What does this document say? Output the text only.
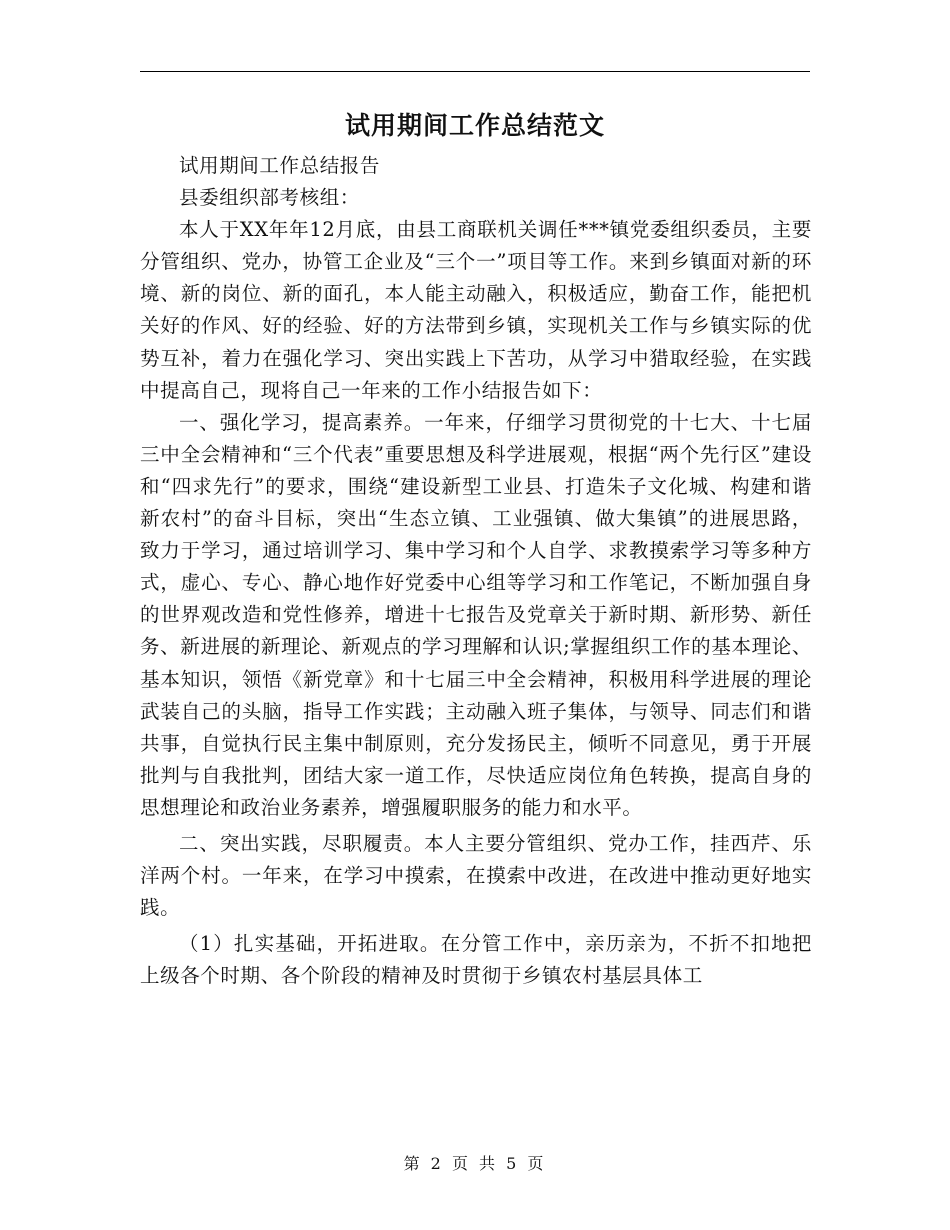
试用期间工作总结范文

试用期间工作总结报告

县委组织部考核组：

本人于XX年年12月底，由县工商联机关调任***镇党委组织委员，主要分管组织、党办，协管工企业及“三个一”项目等工作。来到乡镇面对新的环境、新的岗位、新的面孔，本人能主动融入，积极适应，勤奋工作，能把机关好的作风、好的经验、好的方法带到乡镇，实现机关工作与乡镇实际的优势互补，着力在强化学习、突出实践上下苦功，从学习中猎取经验，在实践中提高自己，现将自己一年来的工作小结报告如下：

一、强化学习，提高素养。一年来，仔细学习贯彻党的十七大、十七届三中全会精神和“三个代表”重要思想及科学进展观，根据“两个先行区”建设和“四求先行”的要求，围绕“建设新型工业县、打造朱子文化城、构建和谐新农村”的奋斗目标，突出“生态立镇、工业强镇、做大集镇”的进展思路，致力于学习，通过培训学习、集中学习和个人自学、求教摸索学习等多种方式，虚心、专心、静心地作好党委中心组等学习和工作笔记，不断加强自身的世界观改造和党性修养，增进十七报告及党章关于新时期、新形势、新任务、新进展的新理论、新观点的学习理解和认识;掌握组织工作的基本理论、基本知识，领悟《新党章》和十七届三中全会精神，积极用科学进展的理论武装自己的头脑，指导工作实践；主动融入班子集体，与领导、同志们和谐共事，自觉执行民主集中制原则，充分发扬民主，倾听不同意见，勇于开展批判与自我批判，团结大家一道工作，尽快适应岗位角色转换，提高自身的思想理论和政治业务素养，增强履职服务的能力和水平。

二、突出实践，尽职履责。本人主要分管组织、党办工作，挂西芹、乐洋两个村。一年来，在学习中摸索，在摸索中改进，在改进中推动更好地实践。

（1）扎实基础，开拓进取。在分管工作中，亲历亲为，不折不扣地把上级各个时期、各个阶段的精神及时贯彻于乡镇农村基层具体工

第 2 页 共 5 页
